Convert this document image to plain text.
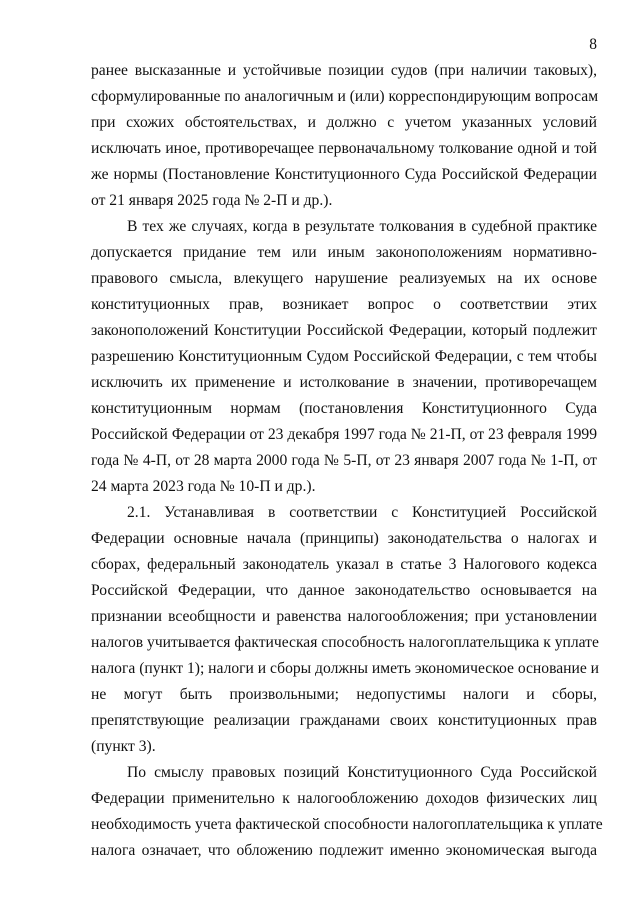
8
ранее высказанные и устойчивые позиции судов (при наличии таковых),
сформулированные по аналогичным и (или) корреспондирующим вопросам
при схожих обстоятельствах, и должно с учетом указанных условий
исключать иное, противоречащее первоначальному толкование одной и той
же нормы (Постановление Конституционного Суда Российской Федерации
от 21 января 2025 года № 2-П и др.).
В тех же случаях, когда в результате толкования в судебной практике
допускается придание тем или иным законоположениям нормативно-
правового смысла, влекущего нарушение реализуемых на их основе
конституционных прав, возникает вопрос о соответствии этих
законоположений Конституции Российской Федерации, который подлежит
разрешению Конституционным Судом Российской Федерации, с тем чтобы
исключить их применение и истолкование в значении, противоречащем
конституционным нормам (постановления Конституционного Суда
Российской Федерации от 23 декабря 1997 года № 21-П, от 23 февраля 1999
года № 4-П, от 28 марта 2000 года № 5-П, от 23 января 2007 года № 1-П, от
24 марта 2023 года № 10-П и др.).
2.1. Устанавливая в соответствии с Конституцией Российской
Федерации основные начала (принципы) законодательства о налогах и
сборах, федеральный законодатель указал в статье 3 Налогового кодекса
Российской Федерации, что данное законодательство основывается на
признании всеобщности и равенства налогообложения; при установлении
налогов учитывается фактическая способность налогоплательщика к уплате
налога (пункт 1); налоги и сборы должны иметь экономическое основание и
не могут быть произвольными; недопустимы налоги и сборы,
препятствующие реализации гражданами своих конституционных прав
(пункт 3).
По смыслу правовых позиций Конституционного Суда Российской
Федерации применительно к налогообложению доходов физических лиц
необходимость учета фактической способности налогоплательщика к уплате
налога означает, что обложению подлежит именно экономическая выгода
